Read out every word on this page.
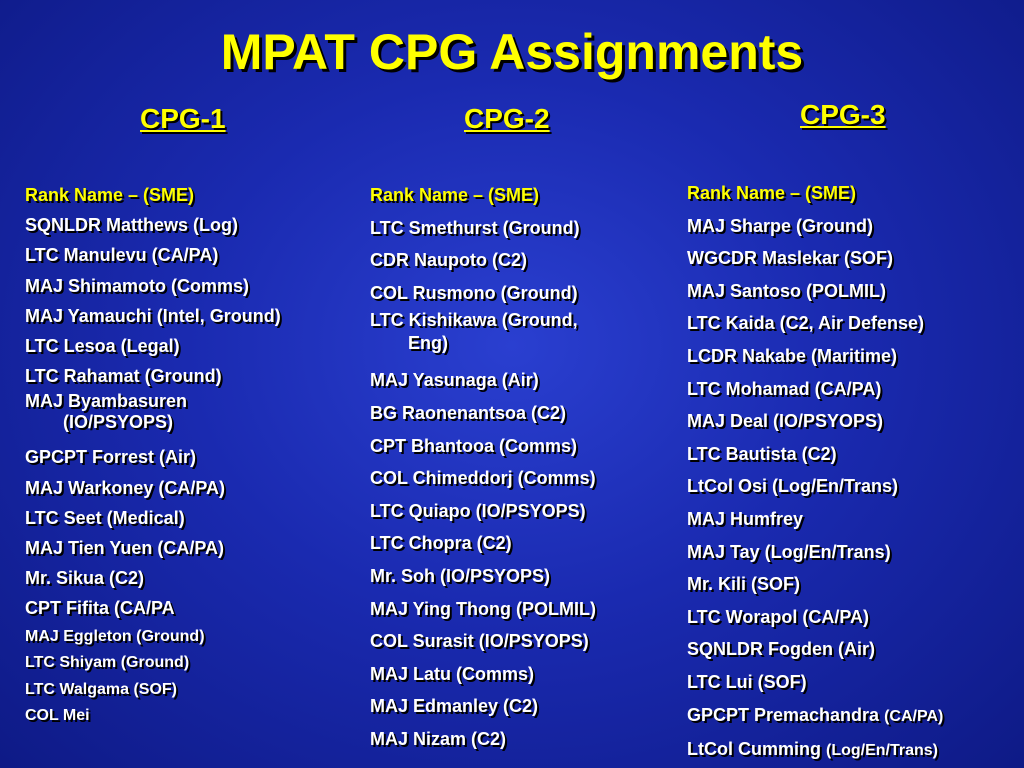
MPAT CPG Assignments
CPG-1	CPG-2	CPG-3
Rank Name – (SME)
SQNLDR Matthews (Log)
LTC Manulevu (CA/PA)
MAJ Shimamoto (Comms)
MAJ Yamauchi (Intel, Ground)
LTC Lesoa (Legal)
LTC Rahamat (Ground)
MAJ Byambasuren
(IO/PSYOPS)
GPCPT Forrest (Air)
MAJ Warkoney (CA/PA)
LTC Seet (Medical)
MAJ Tien Yuen (CA/PA)
Mr. Sikua (C2)
CPT Fifita (CA/PA
MAJ Eggleton (Ground)
LTC Shiyam (Ground)
LTC Walgama (SOF)
COL Mei
Rank Name – (SME)
LTC Smethurst (Ground)
CDR Naupoto (C2)
COL Rusmono (Ground)
LTC Kishikawa (Ground,
Eng)
MAJ Yasunaga (Air)
BG Raonenantsoa (C2)
CPT Bhantooa (Comms)
COL Chimeddorj (Comms)
LTC Quiapo (IO/PSYOPS)
LTC Chopra (C2)
Mr. Soh (IO/PSYOPS)
MAJ Ying Thong (POLMIL)
COL Surasit (IO/PSYOPS)
MAJ Latu (Comms)
MAJ Edmanley (C2)
MAJ Nizam (C2)
Rank Name – (SME)
MAJ Sharpe (Ground)
WGCDR Maslekar (SOF)
MAJ Santoso (POLMIL)
LTC Kaida (C2, Air Defense)
LCDR Nakabe (Maritime)
LTC Mohamad (CA/PA)
MAJ Deal (IO/PSYOPS)
LTC Bautista (C2)
LtCol Osi (Log/En/Trans)
MAJ Humfrey
MAJ Tay (Log/En/Trans)
Mr. Kili (SOF)
LTC Worapol (CA/PA)
SQNLDR Fogden (Air)
LTC Lui (SOF)
GPCPT Premachandra (CA/PA)
LtCol Cumming (Log/En/Trans)
